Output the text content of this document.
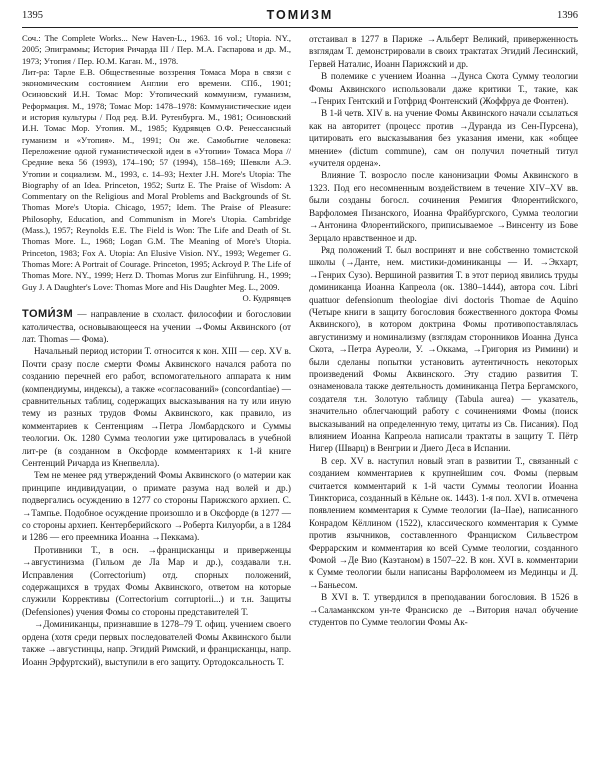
1395	ТОМИЗМ	1396

Соч.: The Complete Works... New Haven-L., 1963. 16 vol.; Utopia. NY., 2005; Эпиграммы; История Ричарда III / Пер. М.А. Гаспарова и др. М., 1973; Утопия / Пер. Ю.М. Каган. М., 1978.

Лит-ра: Тарле Е.В. Общественные воззрения Томаса Мора в связи с экономическим состоянием Англии его времени. СПб., 1901; Осиновский И.Н. Томас Мор: Утопический коммунизм, гуманизм, Реформация. М., 1978; Томас Мор: 1478–1978: Коммунистические идеи и история культуры / Под ред. В.И. Рутенбурга. М., 1981; Осиновский И.Н. Томас Мор. Утопия. М., 1985; Кудрявцев О.Ф. Ренессансный гуманизм и «Утопия». М., 1991; Он же. Самобытие человека: Переложение одной гуманистической идеи в «Утопии» Томаса Мора // Средние века 56 (1993), 174–190; 57 (1994), 158–169; Шевкли А.Э. Утопии и социализм. М., 1993, с. 14–93; Hexter J.H. More's Utopia: The Biography of an Idea. Princeton, 1952; Surtz E. The Praise of Wisdom: A Commentary on the Religious and Moral Problems and Backgrounds of St. Thomas More's Utopia. Chicago, 1957; Idem. The Praise of Pleasure: Philosophy, Education, and Communism in More's Utopia. Cambridge (Mass.), 1957; Reynolds E.E. The Field is Won: The Life and Death of St. Thomas More. L., 1968; Logan G.M. The Meaning of More's Utopia. Princeton, 1983; Fox A. Utopia: An Elusive Vision. NY., 1993; Wegemer G. Thomas More: A Portrait of Courage. Princeton, 1995; Ackroyd P. The Life of Thomas More. NY., 1999; Herz D. Thomas Morus zur Einführung. H., 1999; Guy J. A Daughter's Love: Thomas More and His Daughter Meg. L., 2009.

О. Кудрявцев

ТОМИ́ЗМ — направление в схолаcт. философии и богословии католичества, основывающееся на учении →Фомы Аквинского (от лат. Thomas — Фома).

Начальный период истории Т. относится к кон. XIII — сер. XV в. Почти сразу после смерти Фомы Аквинского начался работа по созданию перечней его работ, вспомогательного аппарата к ним (компендиумы, индексы), а также «согласований» (concordantiae) — сравнительных таблиц, содержащих высказывания на ту или иную тему из разных трудов Фомы Аквинского, как правило, из комментариев к Сентенциям →Петра Ломбардского и Суммы теологии. Ок. 1280 Сумма теологии уже цитировалась в учебной лит-ре (в созданном в Оксфорде комментариях к 1-й книге Сентенций Ричарда из Кнепвелла).

Тем не менее ряд утверждений Фомы Аквинского (о материи как принципе индивидуации, о примате разума над волей и др.) подвергались осуждению в 1277 со стороны Парижского архиеп. С. →Тампье. Подобное осуждение произошло и в Оксфорде (в 1277 — со стороны архиеп. Кентерберийского →Роберта Килуорби, а в 1284 и 1286 — его преемника Иоанна →Пеккама).

Противники Т., в осн. →францисканцы и приверженцы →августинизма (Гильом де Ла Мар и др.), создавали т.н. Исправления (Correctorium) отд. спорных положений, содержащихся в трудах Фомы Аквинского, ответом на которые служили Коррективы (Correctorium corruptorii...) и т.н. Защиты (Defensiones) учения Фомы со стороны представителей Т.

→Доминиканцы, признавшие в 1278–79 Т. офиц. учением своего ордена (хотя среди первых последователей Фомы Аквинского были также →августинцы, напр. Эгидий Римский, и францисканцы, напр. Иоанн Эрфуртский), выступили в его защиту. Ортодоксальность Т.

отстаивал в 1277 в Париже →Альберт Великий, приверженность взглядам Т. демонстрировали в своих трактатах Эгидий Лесинский, Гервей Наталис, Иоанн Парижский и др.

В полемике с учением Иоанна →Дунса Скота Сумму теологии Фомы Аквинского использовали даже критики Т., такие, как →Генрих Гентский и Готфрид Фонтенский (Жоффруа де Фонтен).

В 1-й четв. XIV в. на учение Фомы Аквинского начали ссылаться как на авторитет (процесс против →Дуранда из Сен-Пурсена), цитировать его высказывания без указания имени, как «общее мнение» (dictum commune), сам он получил почетный титул «учителя ордена».

Влияние Т. возросло после канонизации Фомы Аквинского в 1323. Под его несомненным воздействием в течение XIV–XV вв. были созданы богосл. сочинения Ремигия Флорентийского, Варфоломея Пизанского, Иоанна Фрайбургского, Сумма теологии →Антонина Флорентийского, приписываемое →Винсенту из Бове Зерцало нравственное и др.

Ряд положений Т. был воспринят и вне собственно томистской школы (→Данте, нем. мистики-доминиканцы — И. →Экхарт, →Генрих Сузо). Вершиной развития Т. в этот период явились труды доминиканца Иоанна Капреола (ок. 1380–1444), автора соч. Libri quattuor defensionum theologiae divi doctoris Thomae de Aquino (Четыре книги в защиту богословия божественного доктора Фомы Аквинского), в котором доктрина Фомы противопоставлялась августинизму и номинализму (взглядам сторонников Иоанна Дунса Скота, →Петра Ауреоли, У. →Оккама, →Григория из Римини) и были сделаны попытки установить аутентичность некоторых произведений Фомы Аквинского. Эту стадию развития Т. ознаменовала также деятельность доминиканца Петра Бергамского, создателя т.н. Золотую таблицу (Tabula aurea) — указатель, значительно облегчающий работу с сочинениями Фомы (поиск высказываний на определенную тему, цитаты из Св. Писания). Под влиянием Иоанна Капреола написали трактаты в защиту Т. Пётр Нигер (Шварц) в Венгрии и Диего Деса в Испании.

В сер. XV в. наступил новый этап в развитии Т., связанный с созданием комментариев к крупнейшим соч. Фомы (первым считается комментарий к 1-й части Суммы теологии Иоанна Тинкториса, созданный в Кёльне ок. 1443). 1-я пол. XVI в. отмечена появлением комментария к Сумме теологии (Iа–IIае), написанного Конрадом Кёллином (1522), классического комментария к Сумме против язычников, составленного Франциском Сильвестром Феррарским и комментария ко всей Сумме теологии, созданного Фомой →Де Вио (Каэтаном) в 1507–22. В кон. XVI в. комментарии к Сумме теологии были написаны Варфоломеем из Мединцы и Д. →Баньесом.

В XVI в. Т. утвердился в преподавании богословия. В 1526 в →Саламанкском ун-те Франсиско де →Витория начал обучение студентов по Сумме теологии Фомы Ак-
